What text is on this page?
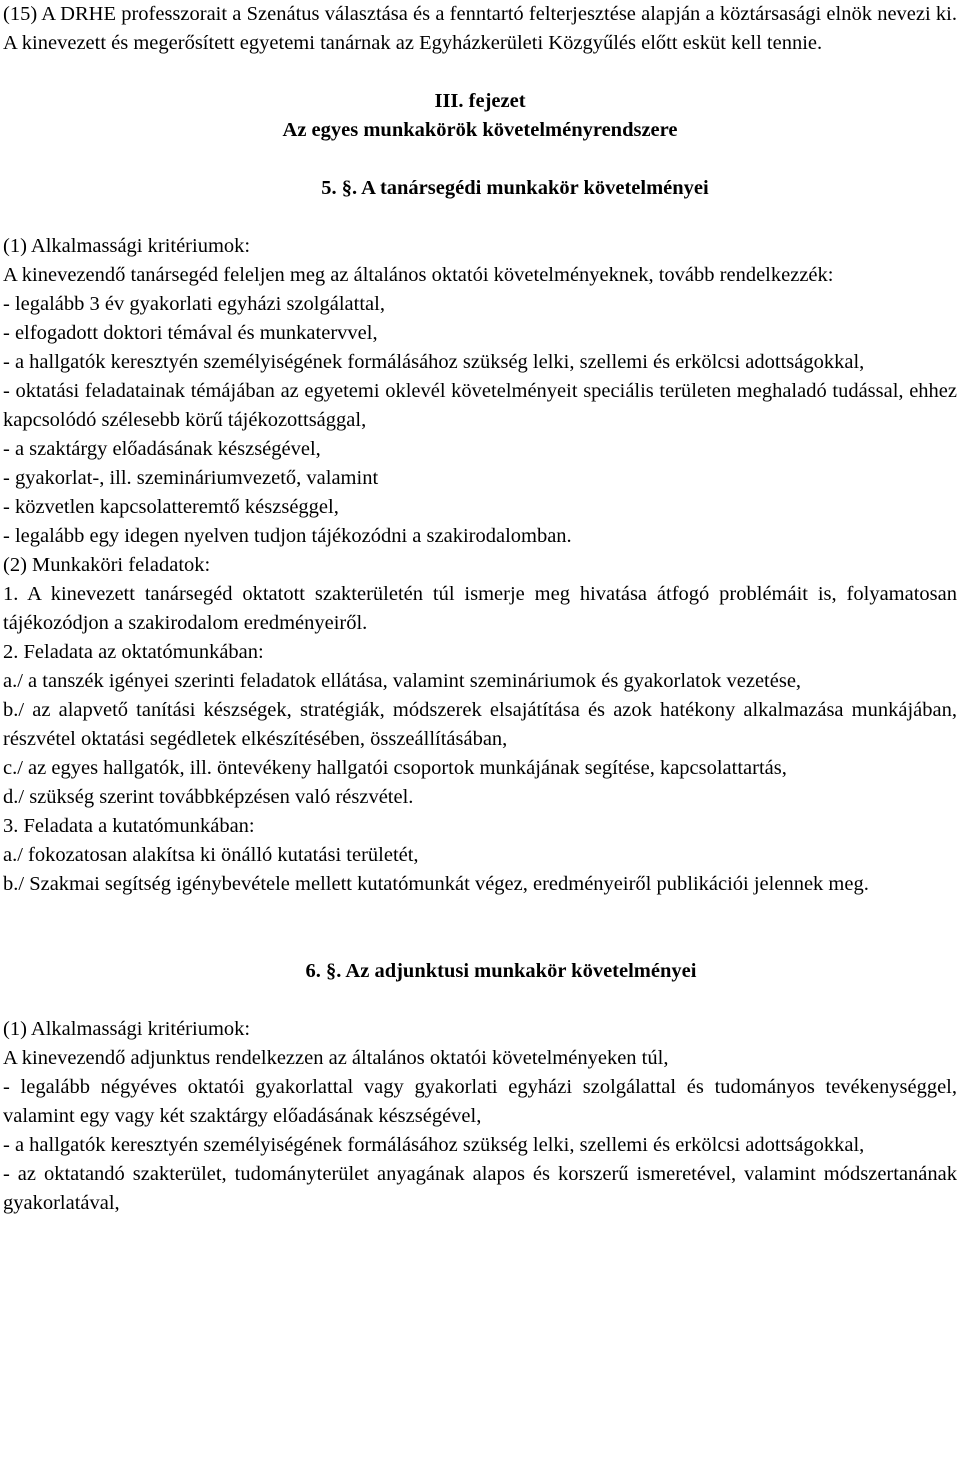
(15) A DRHE professzorait a Szenátus választása és a fenntartó felterjesztése alapján a köztársasági elnök nevezi ki. A kinevezett és megerősített egyetemi tanárnak az Egyházkerületi Közgyűlés előtt esküt kell tennie.

III. fejezet

Az egyes munkakörök követelményrendszere

5. §. A tanársegédi munkakör követelményei

(1) Alkalmassági kritériumok:

A kinevezendő tanársegéd feleljen meg az általános oktatói követelményeknek, tovább rendelkezzék:

- legalább 3 év gyakorlati egyházi szolgálattal,

- elfogadott doktori témával és munkatervvel,

- a hallgatók keresztyén személyiségének formálásához szükség lelki, szellemi és erkölcsi adottságokkal,

- oktatási feladatainak témájában az egyetemi oklevél követelményeit speciális területen meghaladó tudással, ehhez kapcsolódó szélesebb körű tájékozottsággal,

- a szaktárgy előadásának készségével,

- gyakorlat-, ill. szemináriumvezető, valamint

- közvetlen kapcsolatteremtő készséggel,

- legalább egy idegen nyelven tudjon tájékozódni a szakirodalomban.

(2) Munkaköri feladatok:

1. A kinevezett tanársegéd oktatott szakterületén túl ismerje meg hivatása átfogó problémáit is, folyamatosan tájékozódjon a szakirodalom eredményeiről.

2. Feladata az oktatómunkában:

a./ a tanszék igényei szerinti feladatok ellátása, valamint szemináriumok és gyakorlatok vezetése,

b./ az alapvető tanítási készségek, stratégiák, módszerek elsajátítása és azok hatékony alkalmazása munkájában, részvétel oktatási segédletek elkészítésében, összeállításában,

c./ az egyes hallgatók, ill. öntevékeny hallgatói csoportok munkájának segítése, kapcsolattartás,

d./ szükség szerint továbbképzésen való részvétel.

3. Feladata a kutatómunkában:

a./ fokozatosan alakítsa ki önálló kutatási területét,

b./ Szakmai segítség igénybevétele mellett kutatómunkát végez, eredményeiről publikációi jelennek meg.

6. §. Az adjunktusi munkakör követelményei

(1) Alkalmassági kritériumok:

A kinevezendő adjunktus rendelkezzen az általános oktatói követelményeken túl,

- legalább négyéves oktatói gyakorlattal vagy gyakorlati egyházi szolgálattal és tudományos tevékenységgel, valamint egy vagy két szaktárgy előadásának készségével,

- a hallgatók keresztyén személyiségének formálásához szükség lelki, szellemi és erkölcsi adottságokkal,

- az oktatandó szakterület, tudományterület anyagának alapos és korszerű ismeretével, valamint módszertanának gyakorlatával,
